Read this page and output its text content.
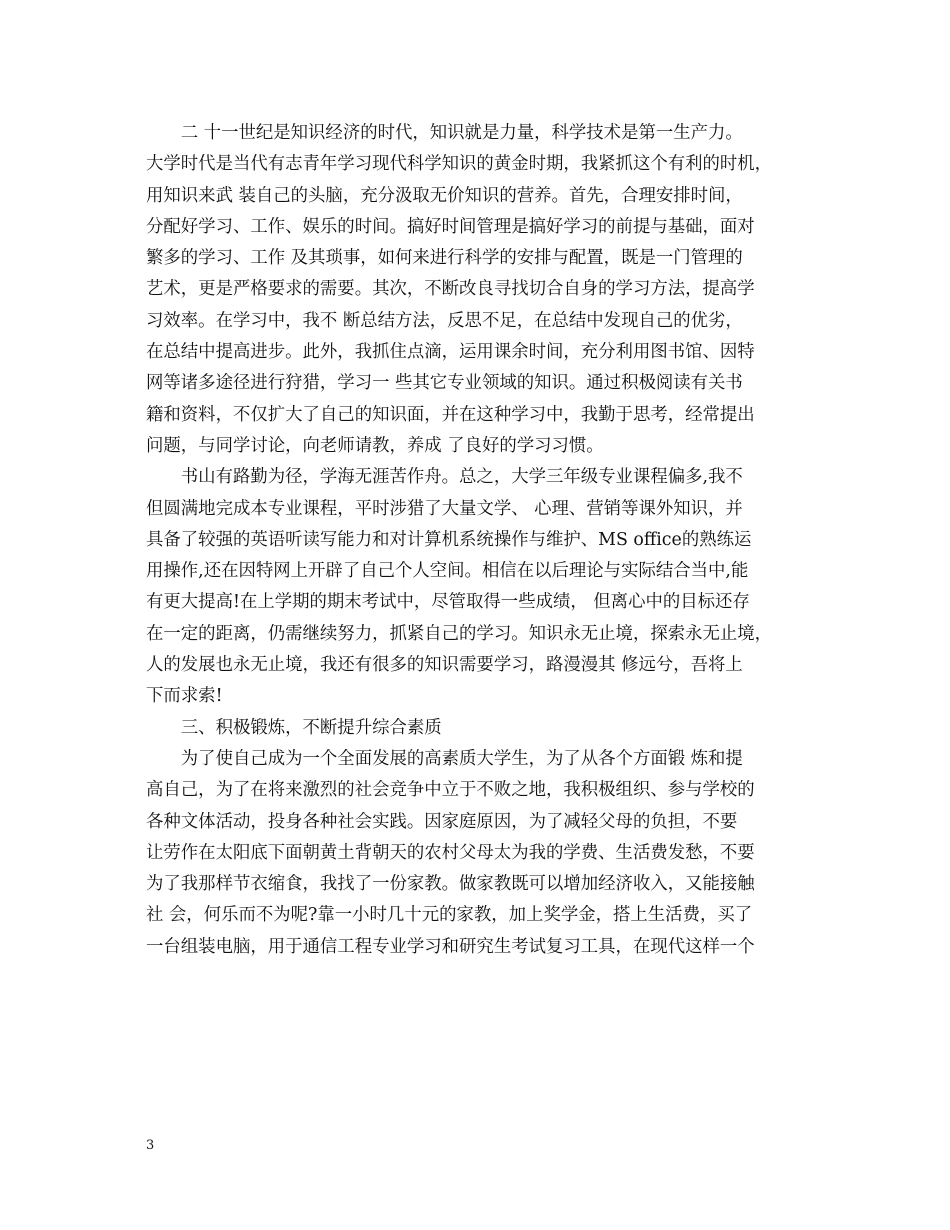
　　二 十一世纪是知识经济的时代，知识就是力量，科学技术是第一生产力。
大学时代是当代有志青年学习现代科学知识的黄金时期，我紧抓这个有利的时机，
用知识来武 装自己的头脑，充分汲取无价知识的营养。首先，合理安排时间，
分配好学习、工作、娱乐的时间。搞好时间管理是搞好学习的前提与基础，面对
繁多的学习、工作 及其琐事，如何来进行科学的安排与配置，既是一门管理的
艺术，更是严格要求的需要。其次，不断改良寻找切合自身的学习方法，提高学
习效率。在学习中，我不 断总结方法，反思不足，在总结中发现自己的优劣，
在总结中提高进步。此外，我抓住点滴，运用课余时间，充分利用图书馆、因特
网等诸多途径进行狩猎，学习一 些其它专业领域的知识。通过积极阅读有关书
籍和资料，不仅扩大了自己的知识面，并在这种学习中，我勤于思考，经常提出
问题，与同学讨论，向老师请教，养成 了良好的学习习惯。
　　书山有路勤为径，学海无涯苦作舟。总之，大学三年级专业课程偏多,我不
但圆满地完成本专业课程，平时涉猎了大量文学、 心理、营销等课外知识，并
具备了较强的英语听读写能力和对计算机系统操作与维护、MS office的熟练运
用操作,还在因特网上开辟了自己个人空间。相信在以后理论与实际结合当中,能
有更大提高!在上学期的期末考试中，尽管取得一些成绩， 但离心中的目标还存
在一定的距离，仍需继续努力，抓紧自己的学习。知识永无止境，探索永无止境，
人的发展也永无止境，我还有很多的知识需要学习，路漫漫其 修远兮，吾将上
下而求索!
　　三、积极锻炼，不断提升综合素质
　　为了使自己成为一个全面发展的高素质大学生，为了从各个方面锻 炼和提
高自己，为了在将来激烈的社会竞争中立于不败之地，我积极组织、参与学校的
各种文体活动，投身各种社会实践。因家庭原因，为了减轻父母的负担，不要
让劳作在太阳底下面朝黄土背朝天的农村父母太为我的学费、生活费发愁，不要
为了我那样节衣缩食，我找了一份家教。做家教既可以增加经济收入，又能接触
社 会，何乐而不为呢?靠一小时几十元的家教，加上奖学金，搭上生活费，买了
一台组装电脑，用于通信工程专业学习和研究生考试复习工具，在现代这样一个
3
